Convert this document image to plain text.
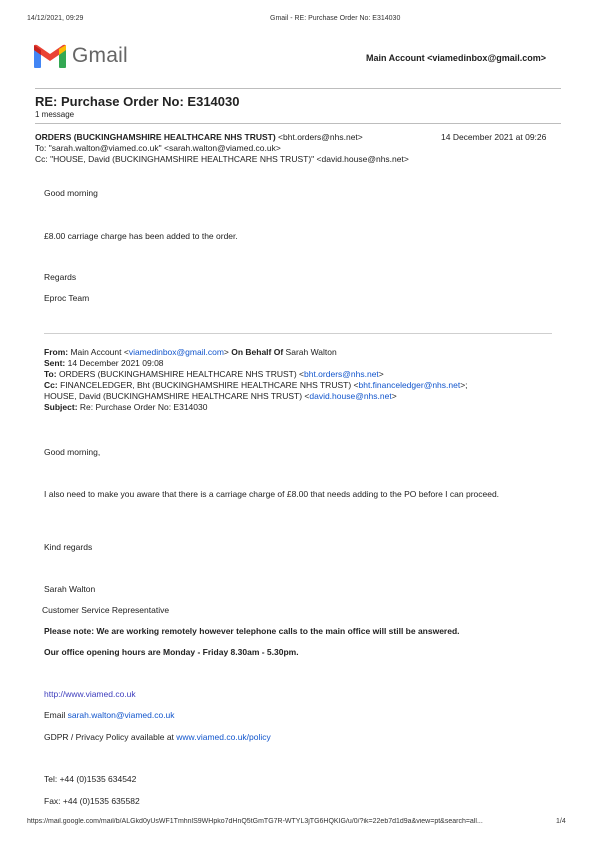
14/12/2021, 09:29	Gmail - RE: Purchase Order No: E314030
Gmail	Main Account <viamedinbox@gmail.com>
RE: Purchase Order No: E314030
1 message
ORDERS (BUCKINGHAMSHIRE HEALTHCARE NHS TRUST) <bht.orders@nhs.net>	14 December 2021 at 09:26
To: "sarah.walton@viamed.co.uk" <sarah.walton@viamed.co.uk>
Cc: "HOUSE, David (BUCKINGHAMSHIRE HEALTHCARE NHS TRUST)" <david.house@nhs.net>
Good morning
£8.00 carriage charge has been added to the order.
Regards
Eproc Team
From: Main Account <viamedinbox@gmail.com> On Behalf Of Sarah Walton
Sent: 14 December 2021 09:08
To: ORDERS (BUCKINGHAMSHIRE HEALTHCARE NHS TRUST) <bht.orders@nhs.net>
Cc: FINANCELEDGER, Bht (BUCKINGHAMSHIRE HEALTHCARE NHS TRUST) <bht.financeledger@nhs.net>;
HOUSE, David (BUCKINGHAMSHIRE HEALTHCARE NHS TRUST) <david.house@nhs.net>
Subject: Re: Purchase Order No: E314030
Good morning,
I also need to make you aware that there is a carriage charge of £8.00 that needs adding to the PO before I can proceed.
Kind regards
Sarah Walton
Customer Service Representative
Please note: We are working remotely however telephone calls to the main office will still be answered.
Our office opening hours are Monday - Friday 8.30am - 5.30pm.
http://www.viamed.co.uk
Email sarah.walton@viamed.co.uk
GDPR / Privacy Policy available at www.viamed.co.uk/policy
Tel: +44 (0)1535 634542
Fax: +44 (0)1535 635582
https://mail.google.com/mail/b/ALGkd0yUsWF1TmhnlS9WHpko7dHnQ5tGmTG7R-WTYL3jTG6HQKIG/u/0/?ik=22eb7d1d9a&view=pt&search=all...	1/4
